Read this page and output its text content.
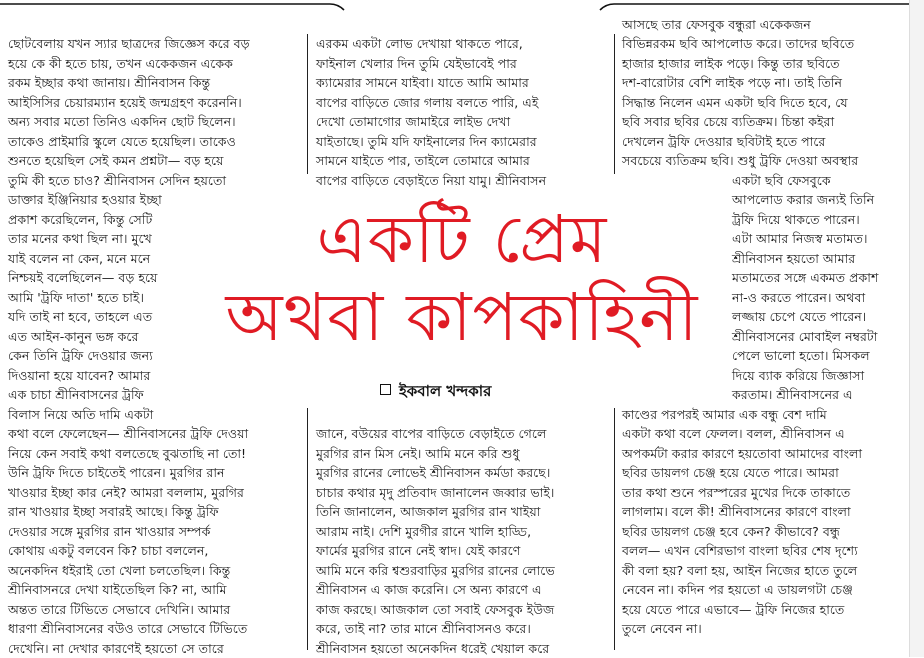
একটি প্রেম
অথবা কাপকাহিনী
ইকবাল খন্দকার
ছোটবেলায় যখন স্যার ছাত্রদের জিজ্ঞেস করে বড়
হয়ে কে কী হতে চায়, তখন একেকজন একেক
রকম ইচ্ছার কথা জানায়। শ্রীনিবাসন কিন্তু
আইসিসির চেয়ারম্যান হয়েই জন্মগ্রহণ করেননি।
অন্য সবার মতো তিনিও একদিন ছোট ছিলেন।
তাকেও প্রাইমারি স্কুলে যেতে হয়েছিল। তাকেও
শুনতে হয়েছিল সেই কমন প্রশ্নটা— বড় হয়ে
তুমি কী হতে চাও? শ্রীনিবাসন সেদিন হয়তো
ডাক্তার ইঞ্জিনিয়ার হওয়ার ইচ্ছা
প্রকাশ করেছিলেন, কিন্তু সেটি
তার মনের কথা ছিল না। মুখে
যাই বলেন না কেন, মনে মনে
নিশ্চয়ই বলেছিলেন— বড় হয়ে
আমি 'ট্রফি দাতা' হতে চাই।
যদি তাই না হবে, তাহলে এত
এত আইন-কানুন ভঙ্গ করে
কেন তিনি ট্রফি দেওয়ার জন্য
দিওয়ানা হয়ে যাবেন? আমার
এক চাচা শ্রীনিবাসনের ট্রফি
বিলাস নিয়ে অতি দামি একটা
কথা বলে ফেলেছেন— শ্রীনিবাসনের ট্রফি দেওয়া
নিয়ে কেন সবাই কথা বলতেছে বুঝতাছি না তো!
উনি ট্রফি দিতে চাইতেই পারেন। মুরগির রান
খাওয়ার ইচ্ছা কার নেই? আমরা বললাম, মুরগির
রান খাওয়ার ইচ্ছা সবারই আছে। কিন্তু ট্রফি
দেওয়ার সঙ্গে মুরগির রান খাওয়ার সম্পর্ক
কোথায় একটু বলবেন কি? চাচা বললেন,
অনেকদিন ধইরাই তো খেলা চলতেছিল। কিন্তু
শ্রীনিবাসনরে দেখা যাইতেছিল কি? না, আমি
অন্তত তারে টিভিতে সেভাবে দেখিনি। আমার
ধারণা শ্রীনিবাসনের বউও তারে সেভাবে টিভিতে
দেখেনি। না দেখার কারণেই হয়তো সে তারে
এরকম একটা লোভ দেখায়া থাকতে পারে,
ফাইনাল খেলার দিন তুমি যেইভাবেই পার
ক্যামেরার সামনে যাইবা। যাতে আমি আমার
বাপের বাড়িতে জোর গলায় বলতে পারি, এই
দেখো তোমাগোর জামাইরে লাইভ দেখা
যাইতাছে। তুমি যদি ফাইনালের দিন ক্যামেরার
সামনে যাইতে পার, তাইলে তোমারে আমার
বাপের বাড়িতে বেড়াইতে নিয়া যামু। শ্রীনিবাসন
জানে, বউয়ের বাপের বাড়িতে বেড়াইতে গেলে
মুরগির রান মিস নেই। আমি মনে করি শুধু
মুরগির রানের লোভেই শ্রীনিবাসন কর্মডা করছে।
চাচার কথার মৃদু প্রতিবাদ জানালেন জব্বার ভাই।
তিনি জানালেন, আজকাল মুরগির রান খাইয়া
আরাম নাই। দেশি মুরগীর রানে খালি হাড্ডি,
ফার্মের মুরগির রানে নেই স্বাদ। যেই কারণে
আমি মনে করি শ্বশুরবাড়ির মুরগির রানের লোভে
শ্রীনিবাসন এ কাজ করেনি। সে অন্য কারণে এ
কাজ করছে। আজকাল তো সবাই ফেসবুক ইউজ
করে, তাই না? তার মানে শ্রীনিবাসনও করে।
শ্রীনিবাসন হয়তো অনেকদিন ধরেই খেয়াল করে
আসছে তার ফেসবুক বন্ধুরা একেকজন
বিভিন্নরকম ছবি আপলোড করে। তাদের ছবিতে
হাজার হাজার লাইক পড়ে। কিন্তু তার ছবিতে
দশ-বারোটার বেশি লাইক পড়ে না। তাই তিনি
সিদ্ধান্ত নিলেন এমন একটা ছবি দিতে হবে, যে
ছবি সবার ছবির চেয়ে ব্যতিক্রম। চিন্তা কইরা
দেখলেন ট্রফি দেওয়ার ছবিটাই হতে পারে
সবচেয়ে ব্যতিক্রম ছবি। শুধু ট্রফি দেওয়া অবস্থার
একটা ছবি ফেসবুকে
আপলোড করার জন্যই তিনি
ট্রফি দিয়ে থাকতে পারেন।
এটা আমার নিজস্ব মতামত।
শ্রীনিবাসন হয়তো আমার
মতামতের সঙ্গে একমত প্রকাশ
না-ও করতে পারেন। অথবা
লজ্জায় চেপে যেতে পারেন।
শ্রীনিবাসনের মোবাইল নম্বরটা
পেলে ভালো হতো। মিসকল
দিয়ে ব্যাক করিয়ে জিজ্ঞাসা
করতাম। শ্রীনিবাসনের এ
কাণ্ডের পরপরই আমার এক বন্ধু বেশ দামি
একটা কথা বলে ফেলল। বলল, শ্রীনিবাসন এ
অপকর্মটা করার কারণে হয়তোবা আমাদের বাংলা
ছবির ডায়লগ চেঞ্জ হয়ে যেতে পারে। আমরা
তার কথা শুনে পরস্পরের মুখের দিকে তাকাতে
লাগলাম। বলে কী! শ্রীনিবাসনের কারণে বাংলা
ছবির ডায়লগ চেঞ্জ হবে কেন? কীভাবে? বন্ধু
বলল— এখন বেশিরভাগ বাংলা ছবির শেষ দৃশ্যে
কী বলা হয়? বলা হয়, আইন নিজের হাতে তুলে
নেবেন না। কদিন পর হয়তো এ ডায়লগটা চেঞ্জ
হয়ে যেতে পারে এভাবে— ট্রফি নিজের হাতে
তুলে নেবেন না।
